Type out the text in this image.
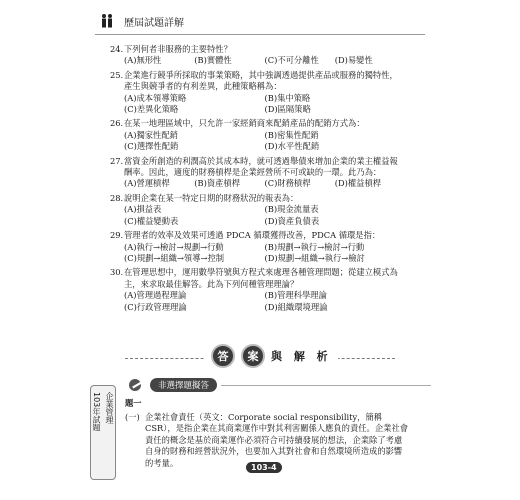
歷屆試題詳解
24. 下列何者非服務的主要特性？
(A)無形性	(B)實體性	(C)不可分離性	(D)易變性
25. 企業進行競爭所採取的事業策略，其中強調透過提供產品或服務的獨特性，產生與競爭者的有利差異，此種策略稱為：
(A)成本領導策略	(B)集中策略
(C)差異化策略	(D)區隔策略
26. 在某一地理區域中，只允許一家經銷商來配銷產品的配銷方式為：
(A)獨家性配銷	(B)密集性配銷
(C)選擇性配銷	(D)水平性配銷
27. 當資金所創造的利潤高於其成本時，就可透過舉債來增加企業的業主權益報酬率。因此，適度的財務槓桿是企業經營所不可或缺的一環。此乃為：
(A)營運槓桿	(B)資產槓桿	(C)財務槓桿	(D)權益槓桿
28. 說明企業在某一特定日期的財務狀況的報表為：
(A)損益表	(B)現金流量表
(C)權益變動表	(D)資產負債表
29. 管理者的效率及效果可透過 PDCA 循環獲得改善，PDCA 循環是指：
(A)執行→檢討→規劃→行動	(B)規劃→執行→檢討→行動
(C)規劃→組織→領導→控制	(D)規劃→組織→執行→檢討
30. 在管理思想中，運用數學符號與方程式來處理各種管理問題；從建立模式為主，來求取最佳解答。此為下列何種管理理論？
(A)管理過程理論	(B)管理科學理論
(C)行政管理理論	(D)組織環境理論
答	案	與 解 析
非選擇題擬答
企業管理
103年試題	題一
(一) 企業社會責任（英文：Corporate social responsibility，簡稱 CSR），是指企業在其商業運作中對其利害關係人應負的責任。企業社會責任的概念是基於商業運作必須符合可持續發展的想法，企業除了考慮自身的財務和經營狀況外，也要加入其對社會和自然環境所造成的影響的考量。	103-4
